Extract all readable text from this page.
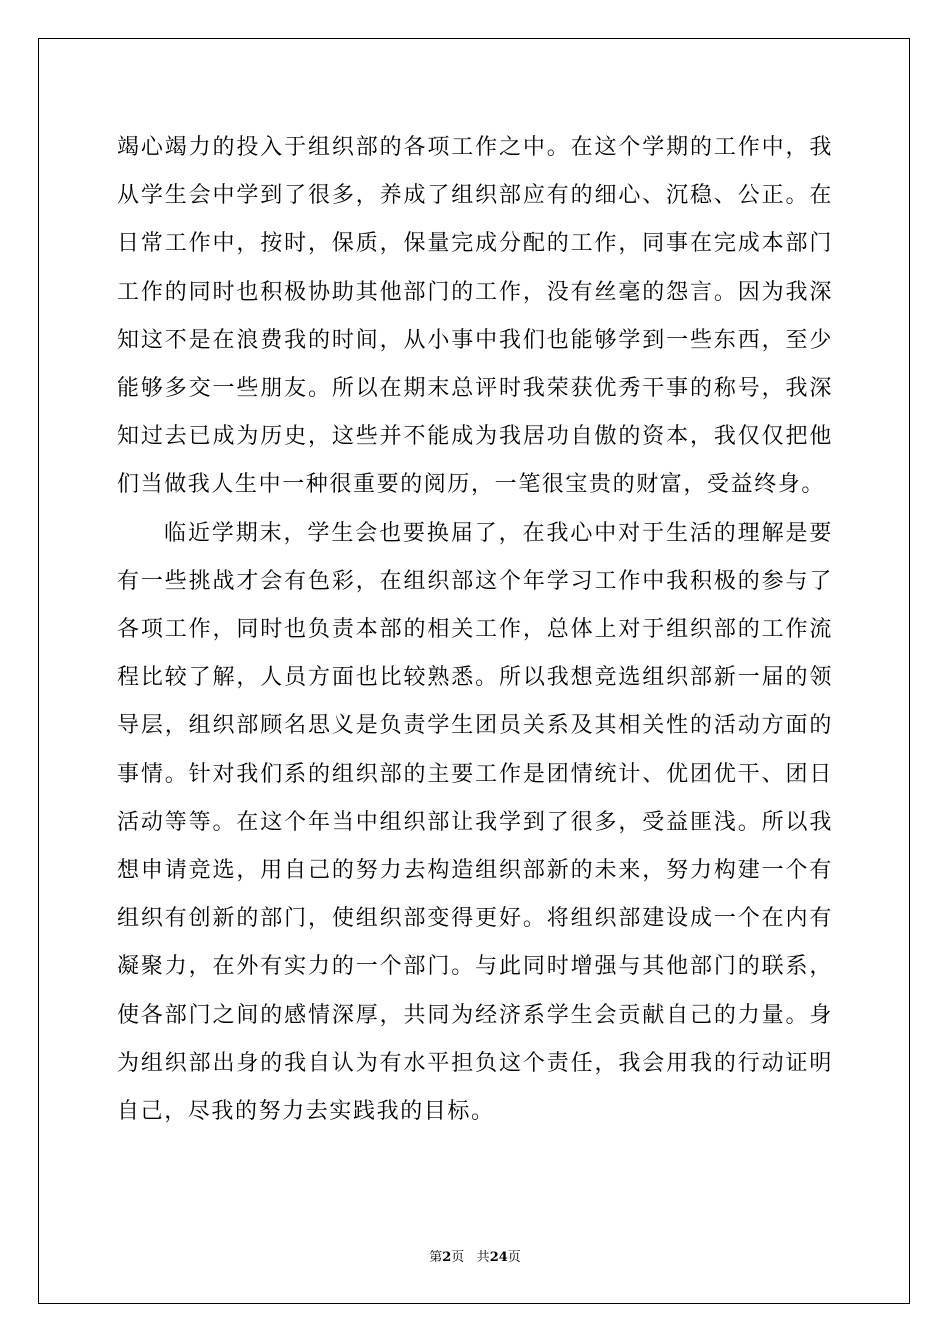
竭心竭力的投入于组织部的各项工作之中。在这个学期的工作中，我
从学生会中学到了很多，养成了组织部应有的细心、沉稳、公正。在
日常工作中，按时，保质，保量完成分配的工作，同事在完成本部门
工作的同时也积极协助其他部门的工作，没有丝毫的怨言。因为我深
知这不是在浪费我的时间，从小事中我们也能够学到一些东西，至少
能够多交一些朋友。所以在期末总评时我荣获优秀干事的称号，我深
知过去已成为历史，这些并不能成为我居功自傲的资本，我仅仅把他
们当做我人生中一种很重要的阅历，一笔很宝贵的财富，受益终身。
临近学期末，学生会也要换届了，在我心中对于生活的理解是要
有一些挑战才会有色彩，在组织部这个年学习工作中我积极的参与了
各项工作，同时也负责本部的相关工作，总体上对于组织部的工作流
程比较了解，人员方面也比较熟悉。所以我想竞选组织部新一届的领
导层，组织部顾名思义是负责学生团员关系及其相关性的活动方面的
事情。针对我们系的组织部的主要工作是团情统计、优团优干、团日
活动等等。在这个年当中组织部让我学到了很多，受益匪浅。所以我
想申请竞选，用自己的努力去构造组织部新的未来，努力构建一个有
组织有创新的部门，使组织部变得更好。将组织部建设成一个在内有
凝聚力，在外有实力的一个部门。与此同时增强与其他部门的联系，
使各部门之间的感情深厚，共同为经济系学生会贡献自己的力量。身
为组织部出身的我自认为有水平担负这个责任，我会用我的行动证明
自己，尽我的努力去实践我的目标。
第2页 共24页
